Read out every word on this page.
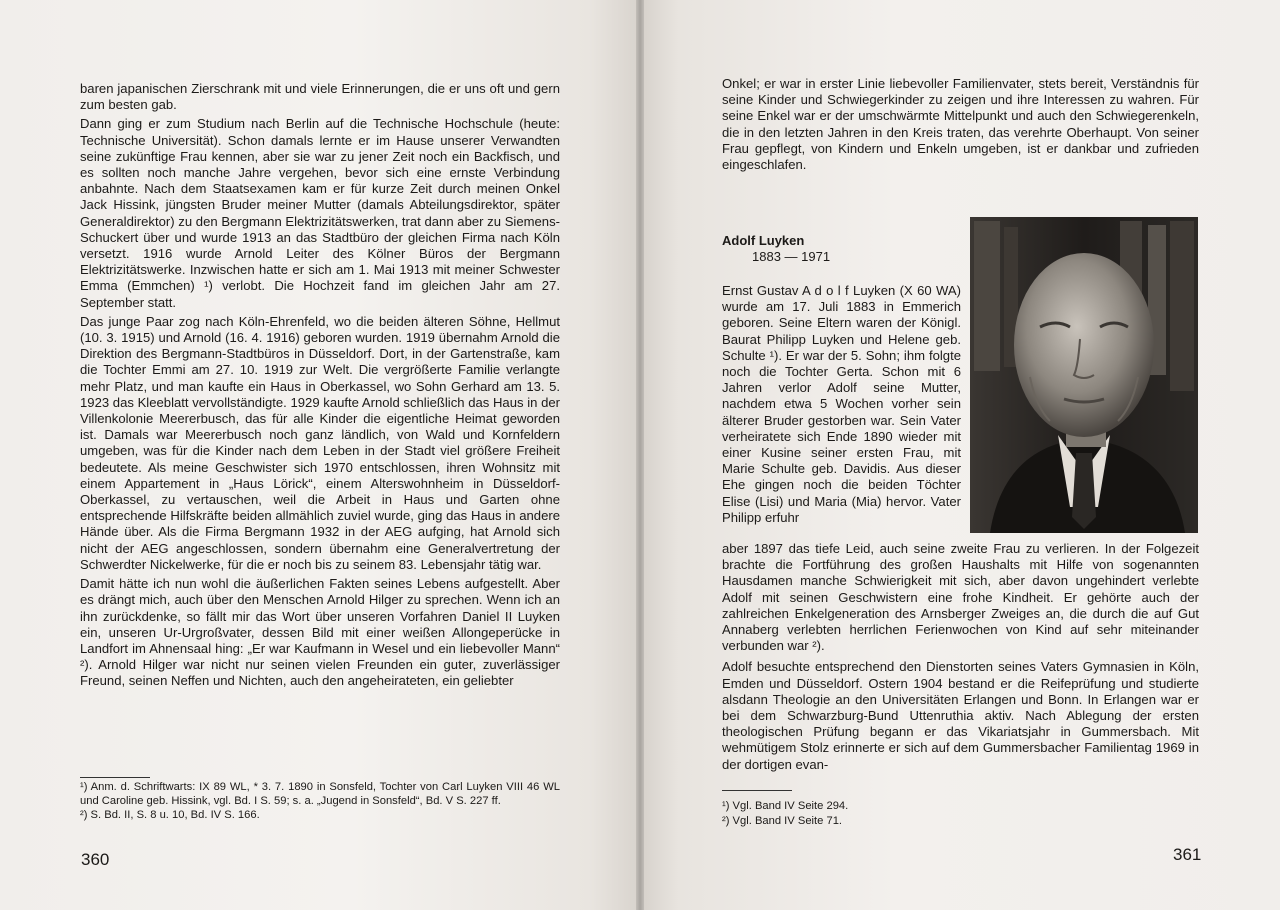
baren japanischen Zierschrank mit und viele Erinnerungen, die er uns oft und gern zum besten gab.

Dann ging er zum Studium nach Berlin auf die Technische Hochschule (heute: Technische Universität). Schon damals lernte er im Hause unserer Verwandten seine zukünftige Frau kennen, aber sie war zu jener Zeit noch ein Backfisch, und es sollten noch manche Jahre vergehen, bevor sich eine ernste Verbindung anbahnte. Nach dem Staatsexamen kam er für kurze Zeit durch meinen Onkel Jack Hissink, jüngsten Bruder meiner Mutter (damals Abteilungsdirektor, später Generaldirektor) zu den Bergmann Elektrizitätswerken, trat dann aber zu Siemens-Schuckert über und wurde 1913 an das Stadtbüro der gleichen Firma nach Köln versetzt. 1916 wurde Arnold Leiter des Kölner Büros der Bergmann Elektrizitätswerke. Inzwischen hatte er sich am 1. Mai 1913 mit meiner Schwester Emma (Emmchen) ¹) verlobt. Die Hochzeit fand im gleichen Jahr am 27. September statt.

Das junge Paar zog nach Köln-Ehrenfeld, wo die beiden älteren Söhne, Hellmut (10. 3. 1915) und Arnold (16. 4. 1916) geboren wurden. 1919 übernahm Arnold die Direktion des Bergmann-Stadtbüros in Düsseldorf. Dort, in der Gartenstraße, kam die Tochter Emmi am 27. 10. 1919 zur Welt. Die vergrößerte Familie verlangte mehr Platz, und man kaufte ein Haus in Oberkassel, wo Sohn Gerhard am 13. 5. 1923 das Kleeblatt vervollständigte. 1929 kaufte Arnold schließlich das Haus in der Villenkolonie Meererbusch, das für alle Kinder die eigentliche Heimat geworden ist. Damals war Meererbusch noch ganz ländlich, von Wald und Kornfeldern umgeben, was für die Kinder nach dem Leben in der Stadt viel größere Freiheit bedeutete. Als meine Geschwister sich 1970 entschlossen, ihren Wohnsitz mit einem Appartement in „Haus Lörick“, einem Alterswohnheim in Düsseldorf-Oberkassel, zu vertauschen, weil die Arbeit in Haus und Garten ohne entsprechende Hilfskräfte beiden allmählich zuviel wurde, ging das Haus in andere Hände über. Als die Firma Bergmann 1932 in der AEG aufging, hat Arnold sich nicht der AEG angeschlossen, sondern übernahm eine Generalvertretung der Schwerdter Nickelwerke, für die er noch bis zu seinem 83. Lebensjahr tätig war.

Damit hätte ich nun wohl die äußerlichen Fakten seines Lebens aufgestellt. Aber es drängt mich, auch über den Menschen Arnold Hilger zu sprechen. Wenn ich an ihn zurückdenke, so fällt mir das Wort über unseren Vorfahren Daniel II Luyken ein, unseren Ur-Urgroßvater, dessen Bild mit einer weißen Allongeperücke in Landfort im Ahnensaal hing: „Er war Kaufmann in Wesel und ein liebevoller Mann“ ²). Arnold Hilger war nicht nur seinen vielen Freunden ein guter, zuverlässiger Freund, seinen Neffen und Nichten, auch den angeheirateten, ein geliebter

¹) Anm. d. Schriftwarts: IX 89 WL, * 3. 7. 1890 in Sonsfeld, Tochter von Carl Luyken VIII 46 WL und Caroline geb. Hissink, vgl. Bd. I S. 59; s. a. „Jugend in Sonsfeld“, Bd. V S. 227 ff.

²) S. Bd. II, S. 8 u. 10, Bd. IV S. 166.

360

Onkel; er war in erster Linie liebevoller Familienvater, stets bereit, Verständnis für seine Kinder und Schwiegerkinder zu zeigen und ihre Interessen zu wahren. Für seine Enkel war er der umschwärmte Mittelpunkt und auch den Schwiegerenkeln, die in den letzten Jahren in den Kreis traten, das verehrte Oberhaupt. Von seiner Frau gepflegt, von Kindern und Enkeln umgeben, ist er dankbar und zufrieden eingeschlafen.

Adolf Luyken
1883 — 1971

Ernst Gustav A d o l f Luyken (X 60 WA) wurde am 17. Juli 1883 in Emmerich geboren. Seine Eltern waren der Königl. Baurat Philipp Luyken und Helene geb. Schulte ¹). Er war der 5. Sohn; ihm folgte noch die Tochter Gerta. Schon mit 6 Jahren verlor Adolf seine Mutter, nachdem etwa 5 Wochen vorher sein älterer Bruder gestorben war. Sein Vater verheiratete sich Ende 1890 wieder mit einer Kusine seiner ersten Frau, mit Marie Schulte geb. Davidis. Aus dieser Ehe gingen noch die beiden Töchter Elise (Lisi) und Maria (Mia) hervor. Vater Philipp erfuhr

aber 1897 das tiefe Leid, auch seine zweite Frau zu verlieren. In der Folgezeit brachte die Fortführung des großen Haushalts mit Hilfe von sogenannten Hausdamen manche Schwierigkeit mit sich, aber davon ungehindert verlebte Adolf mit seinen Geschwistern eine frohe Kindheit. Er gehörte auch der zahlreichen Enkelgeneration des Arnsberger Zweiges an, die durch die auf Gut Annaberg verlebten herrlichen Ferienwochen von Kind auf sehr miteinander verbunden war ²).

Adolf besuchte entsprechend den Dienstorten seines Vaters Gymnasien in Köln, Emden und Düsseldorf. Ostern 1904 bestand er die Reifeprüfung und studierte alsdann Theologie an den Universitäten Erlangen und Bonn. In Erlangen war er bei dem Schwarzburg-Bund Uttenruthia aktiv. Nach Ablegung der ersten theologischen Prüfung begann er das Vikariatsjahr in Gummersbach. Mit wehmütigem Stolz erinnerte er sich auf dem Gummersbacher Familientag 1969 in der dortigen evan-

¹) Vgl. Band IV Seite 294.

²) Vgl. Band IV Seite 71.

361
